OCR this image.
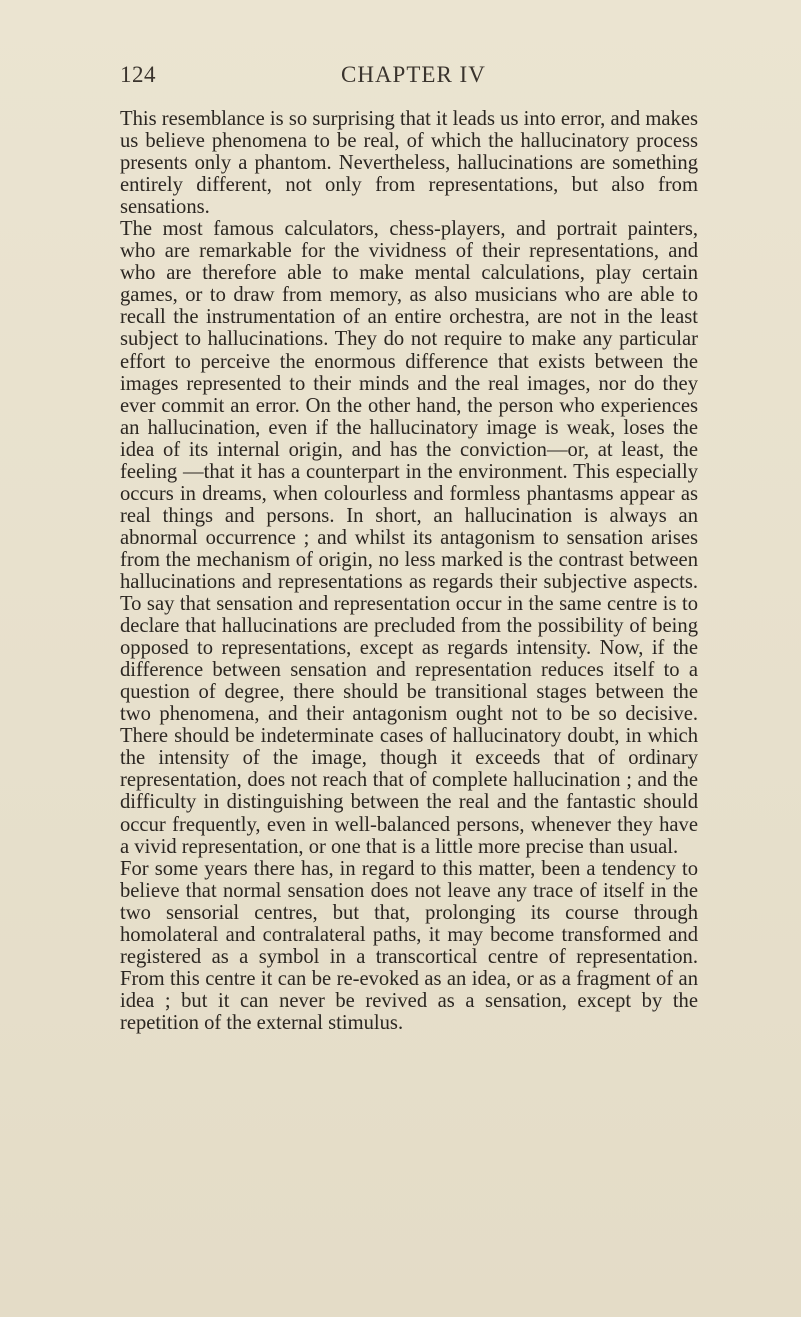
124	CHAPTER IV

This resemblance is so surprising that it leads us into error, and makes us believe phenomena to be real, of which the hallucinatory process presents only a phantom. Nevertheless, hallucinations are something entirely different, not only from representations, but also from sensations.

The most famous calculators, chess-players, and portrait painters, who are remarkable for the vividness of their representations, and who are therefore able to make mental calculations, play certain games, or to draw from memory, as also musicians who are able to recall the instrumentation of an entire orchestra, are not in the least subject to hallucinations. They do not require to make any particular effort to perceive the enormous difference that exists between the images represented to their minds and the real images, nor do they ever commit an error. On the other hand, the person who experiences an hallucination, even if the hallucinatory image is weak, loses the idea of its internal origin, and has the conviction—or, at least, the feeling —that it has a counterpart in the environment. This especially occurs in dreams, when colourless and formless phantasms appear as real things and persons. In short, an hallucination is always an abnormal occurrence ; and whilst its antagonism to sensation arises from the mechanism of origin, no less marked is the contrast between hallucinations and representations as regards their subjective aspects. To say that sensation and representation occur in the same centre is to declare that hallucinations are precluded from the possibility of being opposed to representations, except as regards intensity. Now, if the difference between sensation and representation reduces itself to a question of degree, there should be transitional stages between the two phenomena, and their antagonism ought not to be so decisive. There should be indeterminate cases of hallucinatory doubt, in which the intensity of the image, though it exceeds that of ordinary representation, does not reach that of complete hallucination ; and the difficulty in distinguishing between the real and the fantastic should occur frequently, even in well-balanced persons, whenever they have a vivid representation, or one that is a little more precise than usual.

For some years there has, in regard to this matter, been a tendency to believe that normal sensation does not leave any trace of itself in the two sensorial centres, but that, prolonging its course through homolateral and contralateral paths, it may become transformed and registered as a symbol in a transcortical centre of representation. From this centre it can be re-evoked as an idea, or as a fragment of an idea ; but it can never be revived as a sensation, except by the repetition of the external stimulus.
